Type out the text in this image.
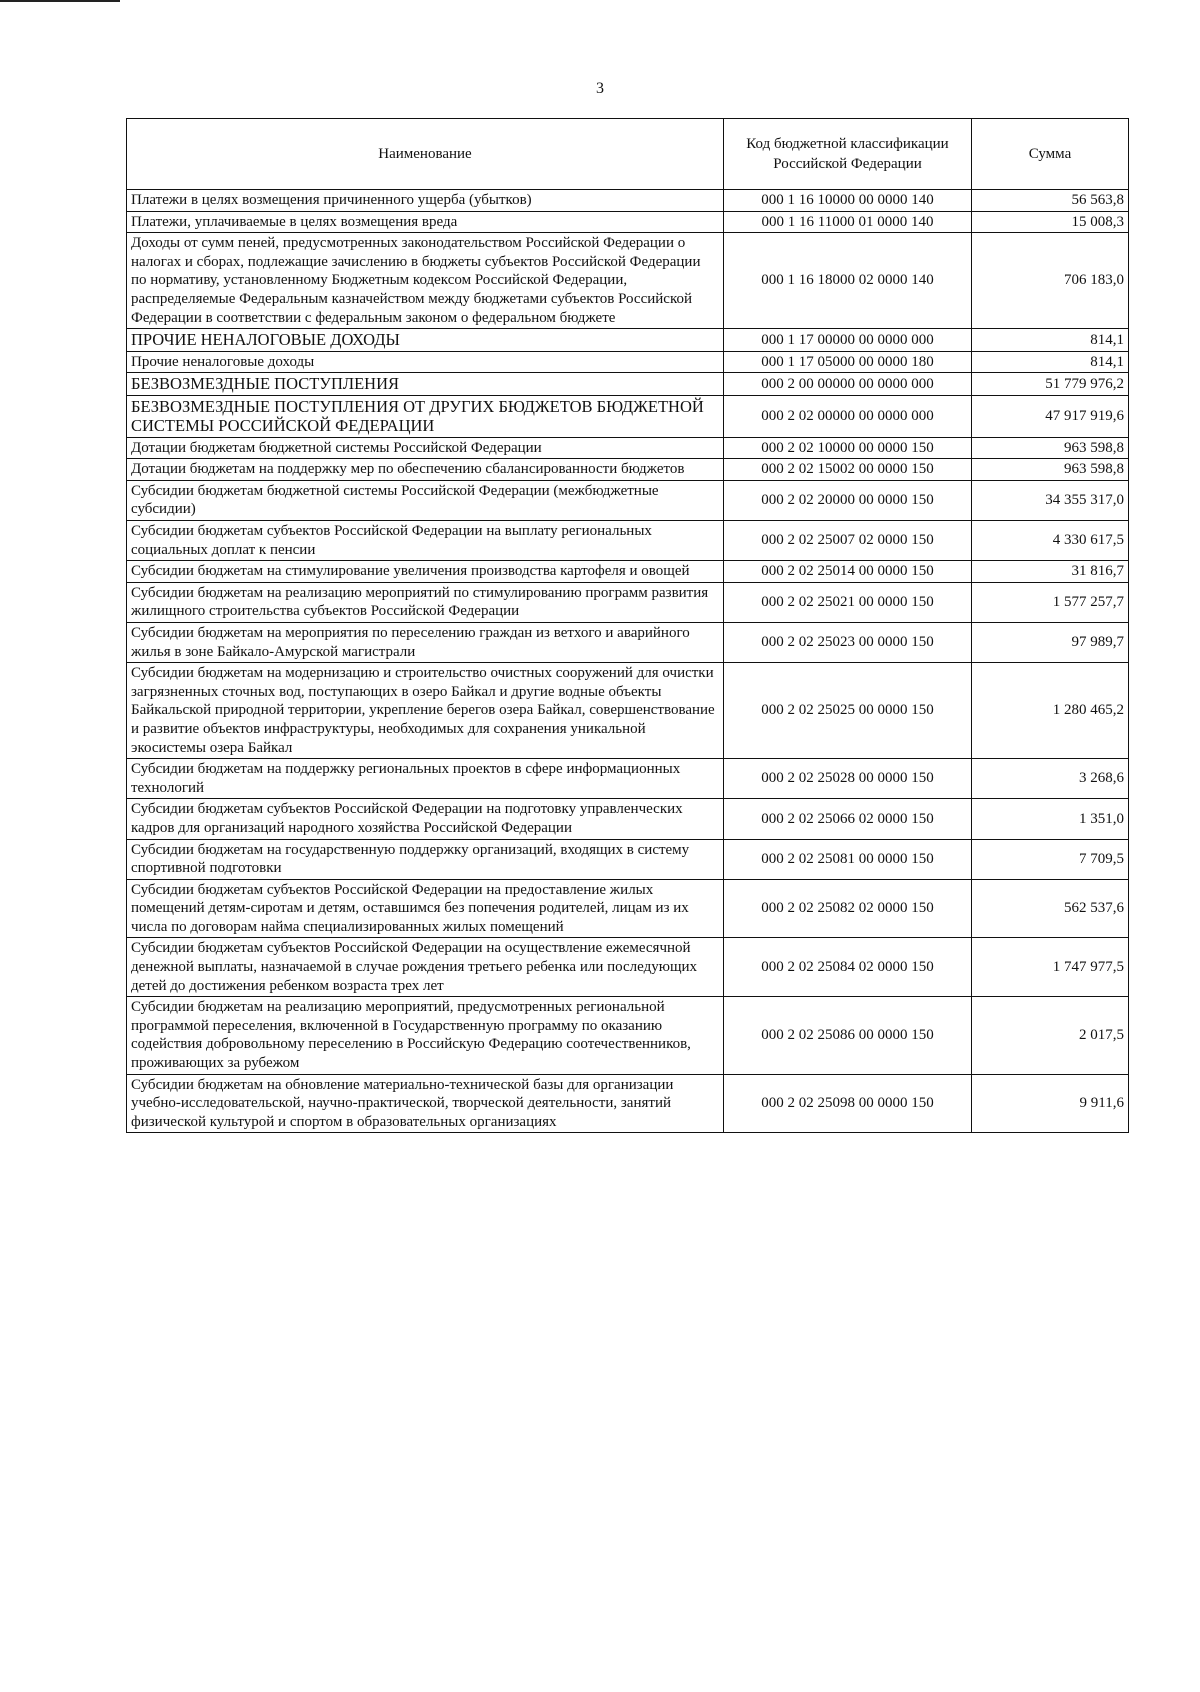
3
Наименование	Код бюджетной классификации Российской Федерации	Сумма
Платежи в целях возмещения причиненного ущерба (убытков)	000 1 16 10000 00 0000 140	56 563,8
Платежи, уплачиваемые в целях возмещения вреда	000 1 16 11000 01 0000 140	15 008,3
Доходы от сумм пеней, предусмотренных законодательством Российской Федерации о налогах и сборах, подлежащие зачислению в бюджеты субъектов Российской Федерации по нормативу, установленному Бюджетным кодексом Российской Федерации, распределяемые Федеральным казначейством между бюджетами субъектов Российской Федерации в соответствии с федеральным законом о федеральном бюджете	000 1 16 18000 02 0000 140	706 183,0
ПРОЧИЕ НЕНАЛОГОВЫЕ ДОХОДЫ	000 1 17 00000 00 0000 000	814,1
Прочие неналоговые доходы	000 1 17 05000 00 0000 180	814,1
БЕЗВОЗМЕЗДНЫЕ ПОСТУПЛЕНИЯ	000 2 00 00000 00 0000 000	51 779 976,2
БЕЗВОЗМЕЗДНЫЕ ПОСТУПЛЕНИЯ ОТ ДРУГИХ БЮДЖЕТОВ БЮДЖЕТНОЙ СИСТЕМЫ РОССИЙСКОЙ ФЕДЕРАЦИИ	000 2 02 00000 00 0000 000	47 917 919,6
Дотации бюджетам бюджетной системы Российской Федерации	000 2 02 10000 00 0000 150	963 598,8
Дотации бюджетам на поддержку мер по обеспечению сбалансированности бюджетов	000 2 02 15002 00 0000 150	963 598,8
Субсидии бюджетам бюджетной системы Российской Федерации (межбюджетные субсидии)	000 2 02 20000 00 0000 150	34 355 317,0
Субсидии бюджетам субъектов Российской Федерации на выплату региональных социальных доплат к пенсии	000 2 02 25007 02 0000 150	4 330 617,5
Субсидии бюджетам на стимулирование увеличения производства картофеля и овощей	000 2 02 25014 00 0000 150	31 816,7
Субсидии бюджетам на реализацию мероприятий по стимулированию программ развития жилищного строительства субъектов Российской Федерации	000 2 02 25021 00 0000 150	1 577 257,7
Субсидии бюджетам на мероприятия по переселению граждан из ветхого и аварийного жилья в зоне Байкало-Амурской магистрали	000 2 02 25023 00 0000 150	97 989,7
Субсидии бюджетам на модернизацию и строительство очистных сооружений для очистки загрязненных сточных вод, поступающих в озеро Байкал и другие водные объекты Байкальской природной территории, укрепление берегов озера Байкал, совершенствование и развитие объектов инфраструктуры, необходимых для сохранения уникальной экосистемы озера Байкал	000 2 02 25025 00 0000 150	1 280 465,2
Субсидии бюджетам на поддержку региональных проектов в сфере информационных технологий	000 2 02 25028 00 0000 150	3 268,6
Субсидии бюджетам субъектов Российской Федерации на подготовку управленческих кадров для организаций народного хозяйства Российской Федерации	000 2 02 25066 02 0000 150	1 351,0
Субсидии бюджетам на государственную поддержку организаций, входящих в систему спортивной подготовки	000 2 02 25081 00 0000 150	7 709,5
Субсидии бюджетам субъектов Российской Федерации на предоставление жилых помещений детям-сиротам и детям, оставшимся без попечения родителей, лицам из их числа по договорам найма специализированных жилых помещений	000 2 02 25082 02 0000 150	562 537,6
Субсидии бюджетам субъектов Российской Федерации на осуществление ежемесячной денежной выплаты, назначаемой в случае рождения третьего ребенка или последующих детей до достижения ребенком возраста трех лет	000 2 02 25084 02 0000 150	1 747 977,5
Субсидии бюджетам на реализацию мероприятий, предусмотренных региональной программой переселения, включенной в Государственную программу по оказанию содействия добровольному переселению в Российскую Федерацию соотечественников, проживающих за рубежом	000 2 02 25086 00 0000 150	2 017,5
Субсидии бюджетам на обновление материально-технической базы для организации учебно-исследовательской, научно-практической, творческой деятельности, занятий физической культурой и спортом в образовательных организациях	000 2 02 25098 00 0000 150	9 911,6
